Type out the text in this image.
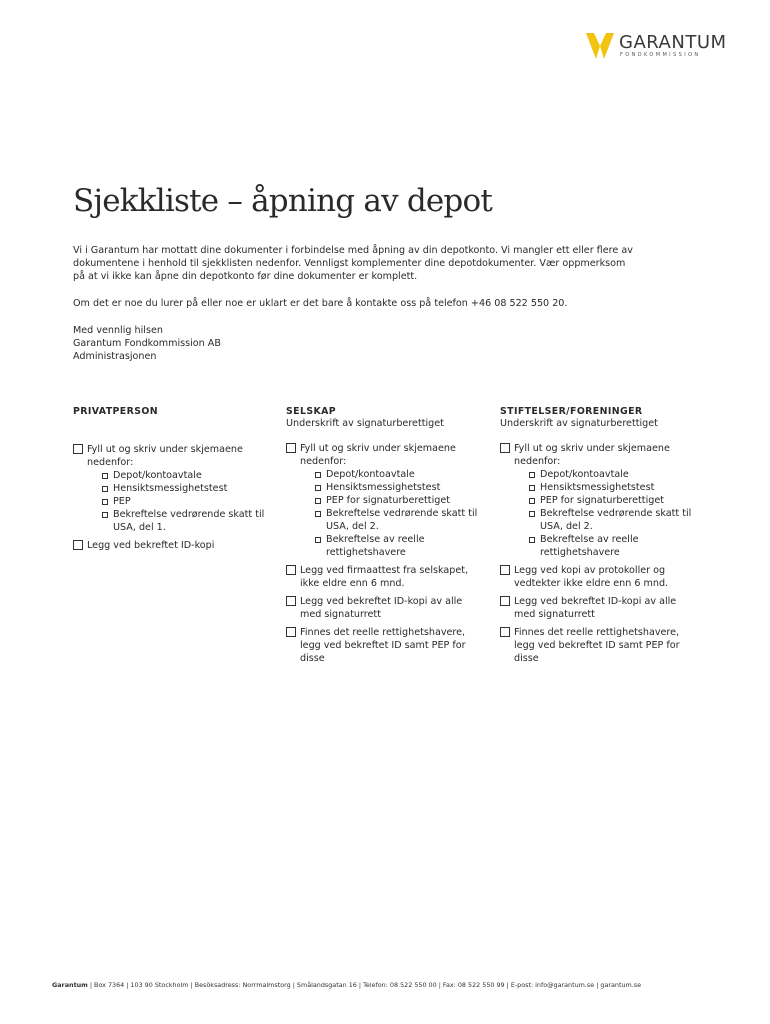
GARANTUM
FONDKOMMISSION
Sjekkliste – åpning av depot

Vi i Garantum har mottatt dine dokumenter i forbindelse med åpning av din depotkonto. Vi mangler ett eller flere av dokumentene i henhold til sjekklisten nedenfor. Vennligst komplementer dine depotdokumenter. Vær oppmerksom på at vi ikke kan åpne din depotkonto før dine dokumenter er komplett.

Om det er noe du lurer på eller noe er uklart er det bare å kontakte oss på telefon +46 08 522 550 20.

Med vennlig hilsen
Garantum Fondkommission AB
Administrasjonen

PRIVATPERSON
Fyll ut og skriv under skjemaene nedenfor:
Depot/kontoavtale
Hensiktsmessighetstest
PEP
Bekreftelse vedrørende skatt til USA, del 1.
Legg ved bekreftet ID-kopi
SELSKAP
Underskrift av signaturberettiget
Fyll ut og skriv under skjemaene nedenfor:
Depot/kontoavtale
Hensiktsmessighetstest
PEP for signaturberettiget
Bekreftelse vedrørende skatt til USA, del 2.
Bekreftelse av reelle rettighetshavere
Legg ved firmaattest fra selskapet, ikke eldre enn 6 mnd.
Legg ved bekreftet ID-kopi av alle med signaturrett
Finnes det reelle rettighetshavere, legg ved bekreftet ID samt PEP for disse
STIFTELSER/FORENINGER
Underskrift av signaturberettiget
Fyll ut og skriv under skjemaene nedenfor:
Depot/kontoavtale
Hensiktsmessighetstest
PEP for signaturberettiget
Bekreftelse vedrørende skatt til USA, del 2.
Bekreftelse av reelle rettighetshavere
Legg ved kopi av protokoller og vedtekter ikke eldre enn 6 mnd.
Legg ved bekreftet ID-kopi av alle med signaturrett
Finnes det reelle rettighetshavere, legg ved bekreftet ID samt PEP for disse
Garantum | Box 7364 | 103 90 Stockholm | Besöksadress: Norrmalmstorg | Smålandsgatan 16 | Telefon: 08 522 550 00 | Fax: 08 522 550 99 | E-post: info@garantum.se | garantum.se
